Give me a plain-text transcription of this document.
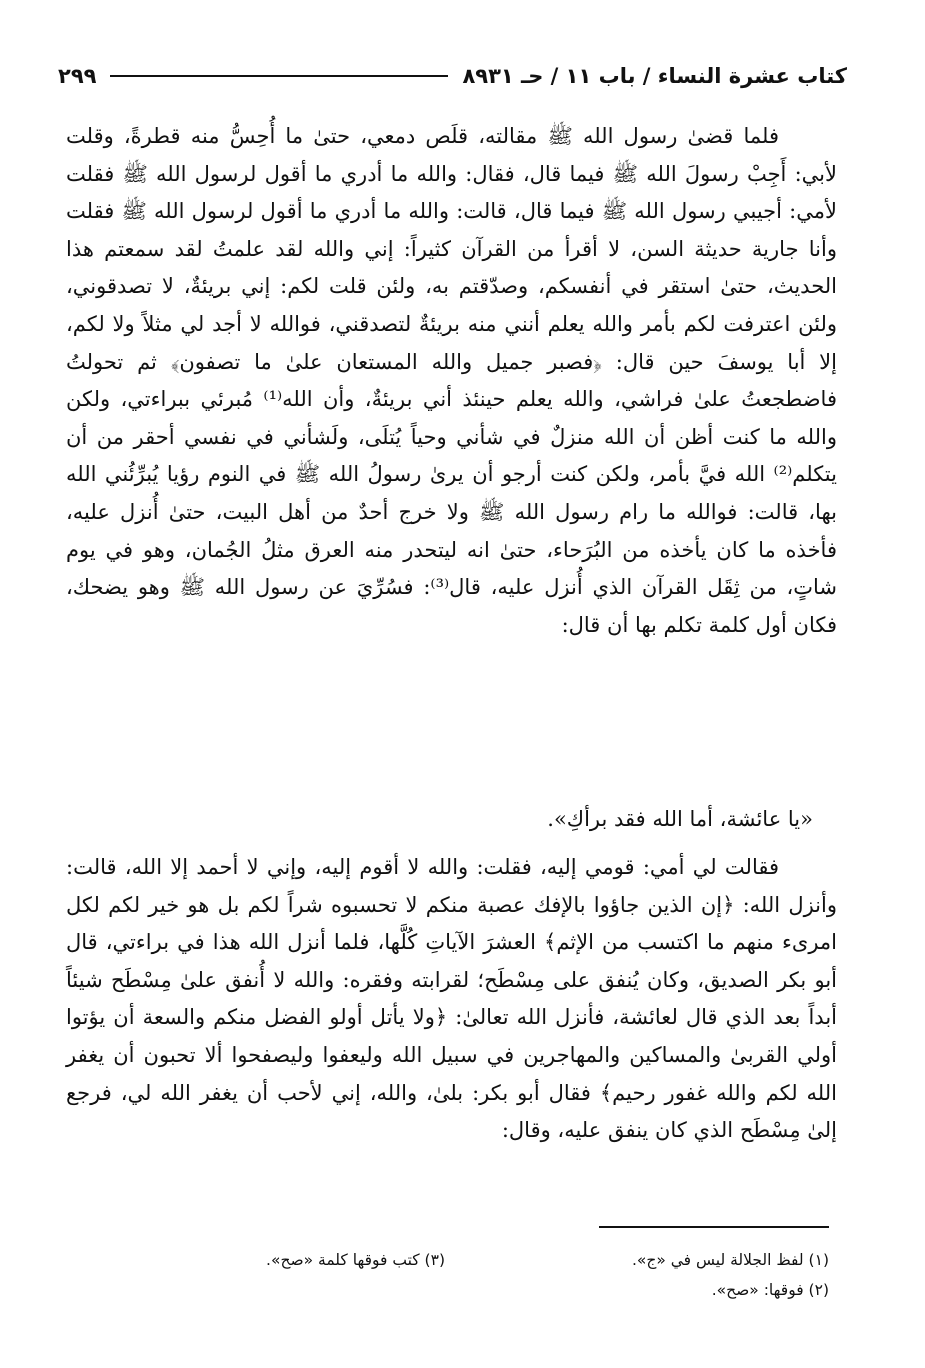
كتاب عشرة النساء / باب ١١ / حـ ٨٩٣١
٢٩٩

فلما قضىٰ رسول الله ﷺ مقالته، قلَص دمعي، حتىٰ ما أُحِسُّ منه قطرةً، وقلت لأبي: أَجِبْ رسولَ الله ﷺ فيما قال، فقال: والله ما أدري ما أقول لرسول الله ﷺ فقلت لأمي: أجيبي رسول الله ﷺ فيما قال، قالت: والله ما أدري ما أقول لرسول الله ﷺ فقلت وأنا جارية حديثة السن، لا أقرأ من القرآن كثيراً: إني والله لقد علمتُ لقد سمعتم هذا الحديث، حتىٰ استقر في أنفسكم، وصدّقتم به، ولئن قلت لكم: إني بريئةٌ، لا تصدقوني، ولئن اعترفت لكم بأمر والله يعلم أنني منه بريئةٌ لتصدقني، فوالله لا أجد لي مثلاً ولا لكم، إلا أبا يوسفَ حين قال: ﴿فصبر جميل والله المستعان علىٰ ما تصفون﴾ ثم تحولتُ فاضطجعتُ علىٰ فراشي، والله يعلم حينئذ أني بريئةٌ، وأن الله⁽¹⁾ مُبرئي ببراءتي، ولكن والله ما كنت أظن أن الله منزلٌ في شأني وحياً يُتلَى، ولَشأني في نفسي أحقر من أن يتكلم⁽²⁾ الله فيَّ بأمر، ولكن كنت أرجو أن يرىٰ رسولُ الله ﷺ في النوم رؤيا يُبرِّئُني الله بها، قالت: فوالله ما رام رسول الله ﷺ ولا خرج أحدٌ من أهل البيت، حتىٰ أُنزل عليه، فأخذه ما كان يأخذه من البُرَحاء، حتىٰ انه ليتحدر منه العرق مثلُ الجُمان، وهو في يوم شاتٍ، من ثِقَل القرآن الذي أُنزل عليه، قال⁽³⁾: فسُرِّيَ عن رسول الله ﷺ وهو يضحك، فكان أول كلمة تكلم بها أن قال:

«يا عائشة، أما الله فقد برأكِ».

فقالت لي أمي: قومي إليه، فقلت: والله لا أقوم إليه، وإني لا أحمد إلا الله، قالت: وأنزل الله: ﴿إن الذين جاؤوا بالإفك عصبة منكم لا تحسبوه شراً لكم بل هو خير لكم لكل امرىء منهم ما اكتسب من الإثم﴾ العشرَ الآياتِ كُلَّها، فلما أنزل الله هذا في براءتي، قال أبو بكر الصديق، وكان يُنفق على مِسْطَح؛ لقرابته وفقره: والله لا أُنفق علىٰ مِسْطَح شيئاً أبداً بعد الذي قال لعائشة، فأنزل الله تعالىٰ: ﴿ولا يأتل أولو الفضل منكم والسعة أن يؤتوا أولي القربىٰ والمساكين والمهاجرين في سبيل الله وليعفوا وليصفحوا ألا تحبون أن يغفر الله لكم والله غفور رحيم﴾ فقال أبو بكر: بلىٰ، والله، إني لأحب أن يغفر الله لي، فرجع إلىٰ مِسْطَح الذي كان ينفق عليه، وقال:

(١) لفظ الجلالة ليس في «ج».

(٣) كتب فوقها كلمة «صح».

(٢) فوقها: «صح».
